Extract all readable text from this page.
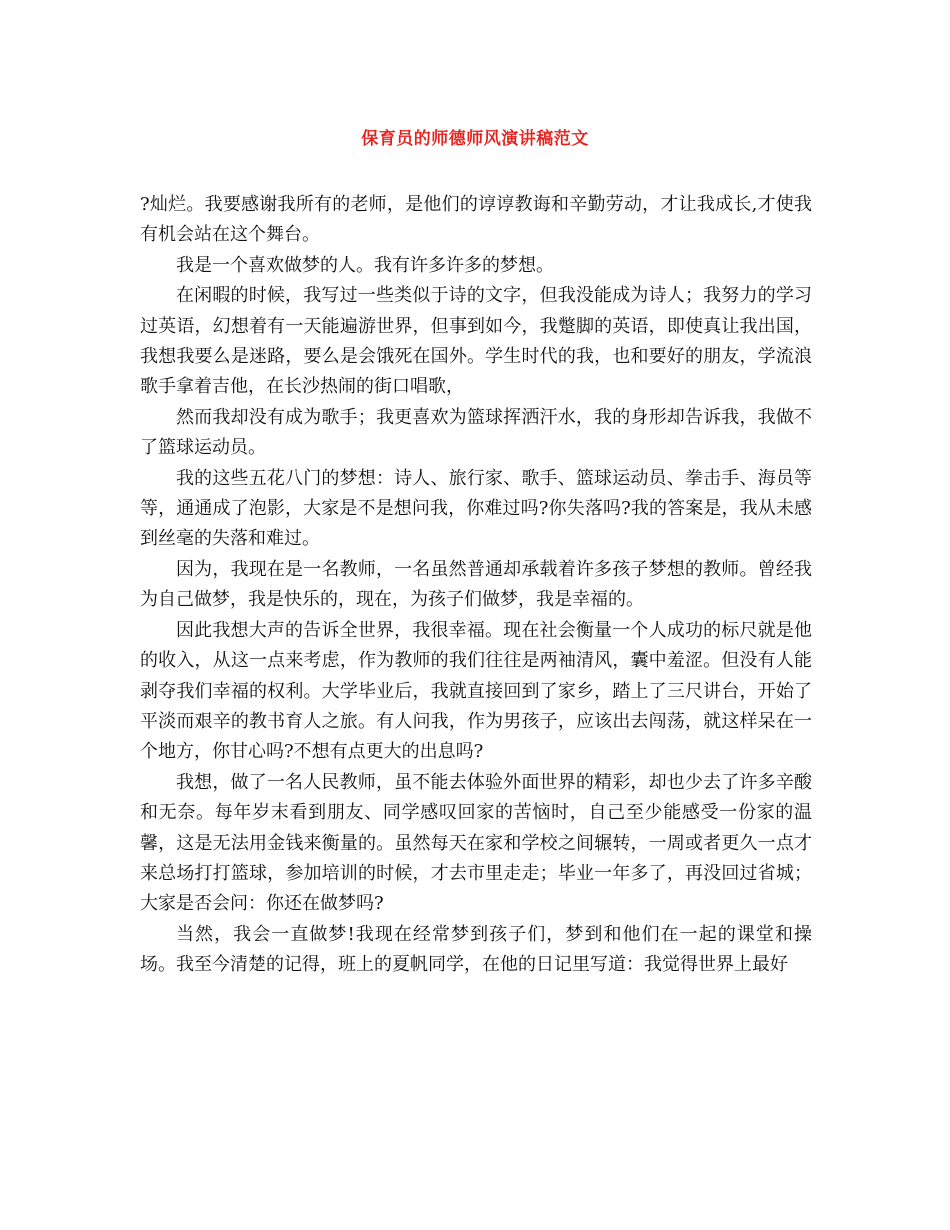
保育员的师德师风演讲稿范文

?灿烂。我要感谢我所有的老师，是他们的谆谆教诲和辛勤劳动，才让我成长,才使我有机会站在这个舞台。

我是一个喜欢做梦的人。我有许多许多的梦想。

在闲暇的时候，我写过一些类似于诗的文字，但我没能成为诗人；我努力的学习过英语，幻想着有一天能遍游世界，但事到如今，我蹩脚的英语，即使真让我出国，我想我要么是迷路，要么是会饿死在国外。学生时代的我，也和要好的朋友，学流浪歌手拿着吉他，在长沙热闹的街口唱歌，

然而我却没有成为歌手；我更喜欢为篮球挥洒汗水，我的身形却告诉我，我做不了篮球运动员。

我的这些五花八门的梦想：诗人、旅行家、歌手、篮球运动员、拳击手、海员等等，通通成了泡影，大家是不是想问我，你难过吗?你失落吗?我的答案是，我从未感到丝毫的失落和难过。

因为，我现在是一名教师，一名虽然普通却承载着许多孩子梦想的教师。曾经我为自己做梦，我是快乐的，现在，为孩子们做梦，我是幸福的。

因此我想大声的告诉全世界，我很幸福。现在社会衡量一个人成功的标尺就是他的收入，从这一点来考虑，作为教师的我们往往是两袖清风，囊中羞涩。但没有人能剥夺我们幸福的权利。大学毕业后，我就直接回到了家乡，踏上了三尺讲台，开始了平淡而艰辛的教书育人之旅。有人问我，作为男孩子，应该出去闯荡，就这样呆在一个地方，你甘心吗?不想有点更大的出息吗?

我想，做了一名人民教师，虽不能去体验外面世界的精彩，却也少去了许多辛酸和无奈。每年岁末看到朋友、同学感叹回家的苦恼时，自己至少能感受一份家的温馨，这是无法用金钱来衡量的。虽然每天在家和学校之间辗转，一周或者更久一点才来总场打打篮球，参加培训的时候，才去市里走走；毕业一年多了，再没回过省城；大家是否会问：你还在做梦吗?

当然，我会一直做梦!我现在经常梦到孩子们，梦到和他们在一起的课堂和操场。我至今清楚的记得，班上的夏帆同学，在他的日记里写道：我觉得世界上最好
